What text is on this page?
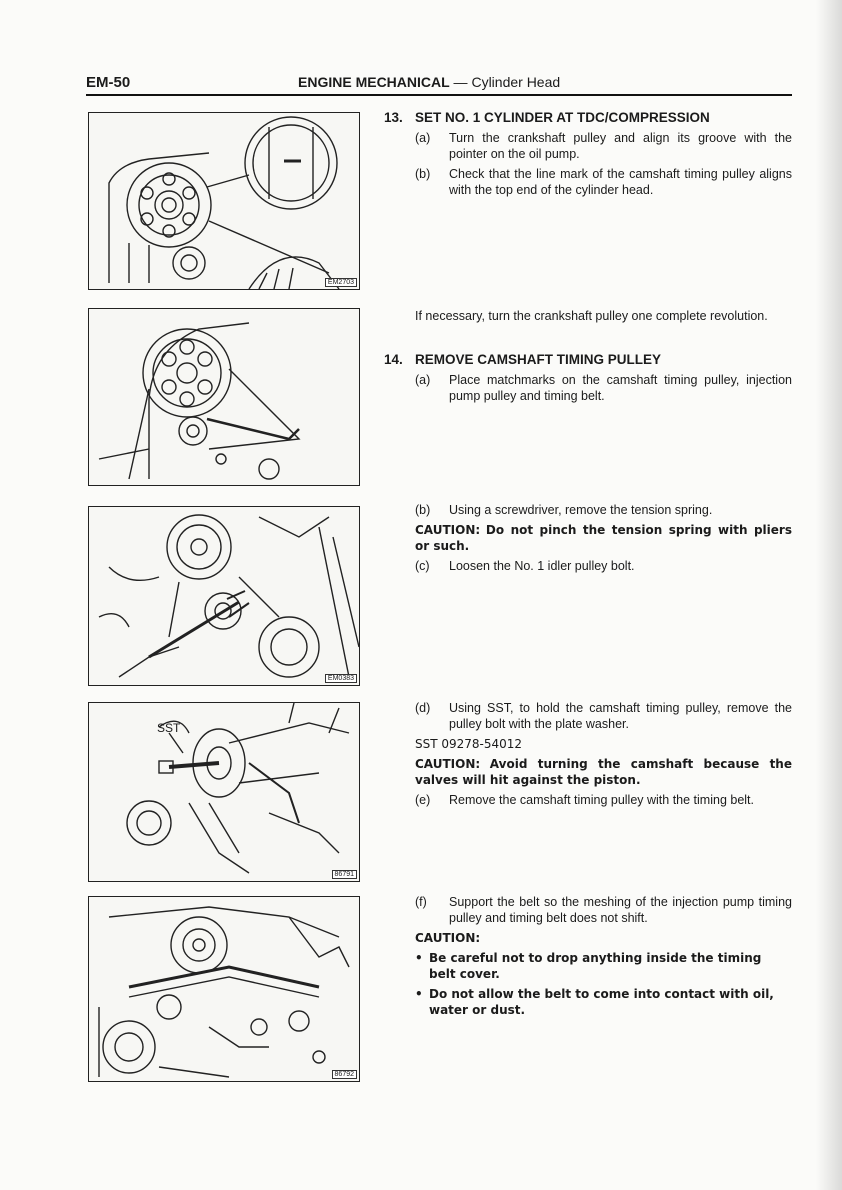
EM-50	ENGINE MECHANICAL — Cylinder Head
EM2703
EM0383
SST
86791
86792
13. SET NO. 1 CYLINDER AT TDC/COMPRESSION
(a)	Turn the crankshaft pulley and align its groove with the pointer on the oil pump.
(b)	Check that the line mark of the camshaft timing pulley aligns with the top end of the cylinder head.
If necessary, turn the crankshaft pulley one complete revolution.
14. REMOVE CAMSHAFT TIMING PULLEY
(a)	Place matchmarks on the camshaft timing pulley, injection pump pulley and timing belt.
(b)	Using a screwdriver, remove the tension spring.
CAUTION: Do not pinch the tension spring with pliers or such.
(c)	Loosen the No. 1 idler pulley bolt.
(d)	Using SST, to hold the camshaft timing pulley, remove the pulley bolt with the plate washer.
SST 09278-54012
CAUTION: Avoid turning the camshaft because the valves will hit against the piston.
(e)	Remove the camshaft timing pulley with the timing belt.
(f)	Support the belt so the meshing of the injection pump timing pulley and timing belt does not shift.
CAUTION:
• Be careful not to drop anything inside the timing belt cover.
• Do not allow the belt to come into contact with oil, water or dust.
